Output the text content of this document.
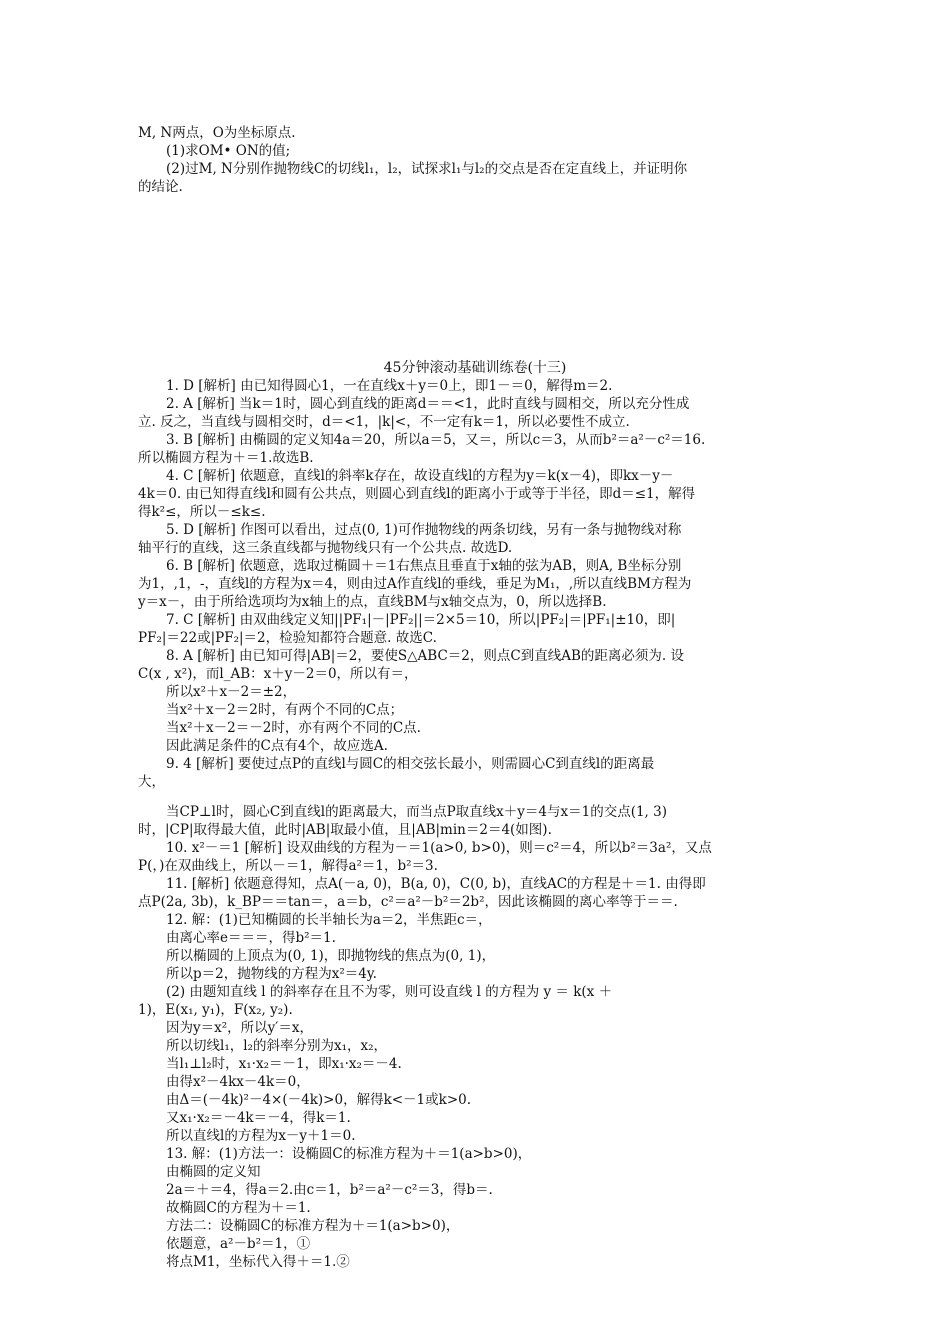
M, N两点，O为坐标原点.
(1)求OM• ON的值;
(2)过M, N分别作抛物线C的切线l₁，l₂，试探求l₁与l₂的交点是否在定直线上，并证明你
的结论.
45分钟滚动基础训练卷(十三)
1. D [解析] 由已知得圆心1，一在直线x＋y＝0上，即1－＝0，解得m＝2.
2. A [解析] 当k＝1时，圆心到直线的距离d＝＝<1，此时直线与圆相交，所以充分性成
立. 反之，当直线与圆相交时，d＝<1，|k|<，不一定有k＝1，所以必要性不成立.
3. B [解析] 由椭圆的定义知4a＝20，所以a＝5，又＝，所以c＝3，从而b²＝a²－c²＝16.
所以椭圆方程为＋＝1.故选B.
4. C [解析] 依题意，直线l的斜率k存在，故设直线l的方程为y＝k(x－4)，即kx－y－
4k＝0. 由已知得直线l和圆有公共点，则圆心到直线l的距离小于或等于半径，即d＝≤1，解得
得k²≤，所以－≤k≤.
5. D [解析] 作图可以看出，过点(0, 1)可作抛物线的两条切线，另有一条与抛物线对称
轴平行的直线，这三条直线都与抛物线只有一个公共点. 故选D.
6. B [解析] 依题意，选取过椭圆＋＝1右焦点且垂直于x轴的弦为AB，则A, B坐标分别
为1，,1，-，直线l的方程为x＝4，则由过A作直线l的垂线，垂足为M₁，,所以直线BM方程为
y＝x－，由于所给选项均为x轴上的点，直线BM与x轴交点为，0，所以选择B.
7. C [解析] 由双曲线定义知||PF₁|－|PF₂||＝2×5＝10，所以|PF₂|＝|PF₁|±10，即|
PF₂|＝22或|PF₂|＝2，检验知都符合题意. 故选C.
8. A [解析] 由已知可得|AB|＝2，要使S△ABC＝2，则点C到直线AB的距离必须为. 设
C(x , x²)，而l_AB：x＋y－2＝0，所以有＝，
所以x²＋x－2＝±2，
当x²＋x－2＝2时，有两个不同的C点；
当x²＋x－2＝－2时，亦有两个不同的C点.
因此满足条件的C点有4个，故应选A.
9. 4 [解析] 要使过点P的直线l与圆C的相交弦长最小，则需圆心C到直线l的距离最
大，
当CP⊥l时，圆心C到直线l的距离最大，而当点P取直线x＋y＝4与x＝1的交点(1, 3)
时，|CP|取得最大值，此时|AB|取最小值，且|AB|min＝2＝4(如图).
10. x²－＝1 [解析] 设双曲线的方程为－＝1(a>0, b>0)，则＝c²＝4，所以b²＝3a²，又点
P(，)在双曲线上，所以－＝1，解得a²＝1，b²＝3.
11. [解析] 依题意得知，点A(－a, 0)，B(a, 0)，C(0, b)，直线AC的方程是＋＝1. 由得即
点P(2a, 3b)，k_BP＝＝tan＝，a＝b，c²＝a²－b²＝2b²，因此该椭圆的离心率等于＝＝.
12. 解：(1)已知椭圆的长半轴长为a＝2，半焦距c＝，
由离心率e＝＝＝，得b²＝1.
所以椭圆的上顶点为(0, 1)，即抛物线的焦点为(0, 1)，
所以p＝2，抛物线的方程为x²＝4y.
(2) 由题知直线 l 的斜率存在且不为零，则可设直线 l 的方程为 y ＝ k(x ＋
1)，E(x₁, y₁)，F(x₂, y₂).
因为y＝x²，所以y′＝x，
所以切线l₁，l₂的斜率分别为x₁，x₂，
当l₁⊥l₂时，x₁·x₂＝－1，即x₁·x₂＝－4.
由得x²－4kx－4k＝0，
由Δ＝(－4k)²－4×(－4k)>0，解得k<－1或k>0.
又x₁·x₂＝－4k＝－4，得k＝1.
所以直线l的方程为x－y＋1＝0.
13. 解：(1)方法一：设椭圆C的标准方程为＋＝1(a>b>0)，
由椭圆的定义知
2a＝＋＝4，得a＝2.由c＝1，b²＝a²－c²＝3，得b＝.
故椭圆C的方程为＋＝1.
方法二：设椭圆C的标准方程为＋＝1(a>b>0)，
依题意，a²－b²＝1，①
将点M1，坐标代入得＋＝1.②
